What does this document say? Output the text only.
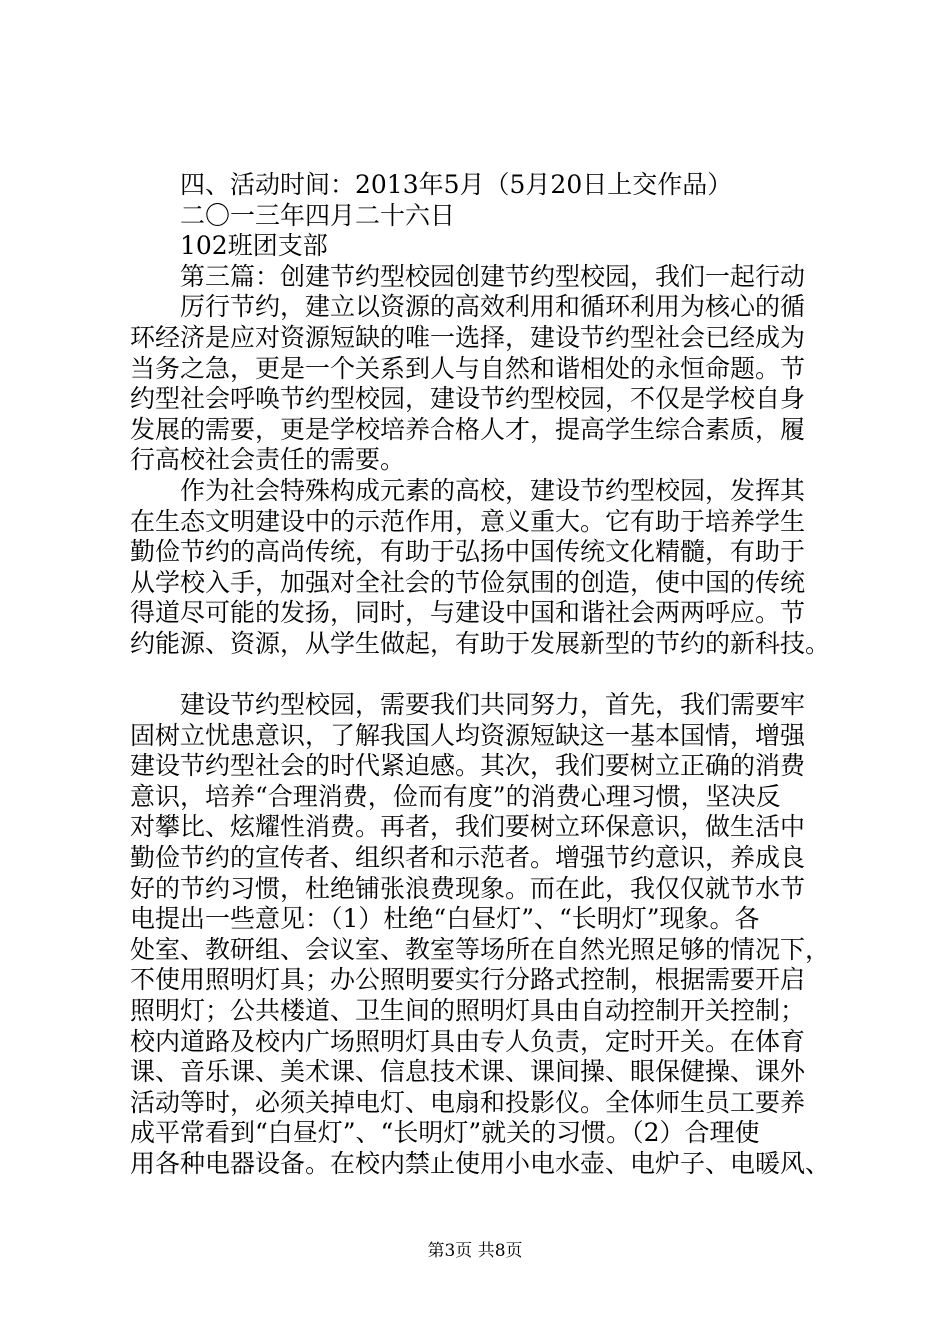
四、活动时间：2013年5月（5月20日上交作品）
二〇一三年四月二十六日
102班团支部
第三篇：创建节约型校园创建节约型校园，我们一起行动
厉行节约，建立以资源的高效利用和循环利用为核心的循
环经济是应对资源短缺的唯一选择，建设节约型社会已经成为
当务之急，更是一个关系到人与自然和谐相处的永恒命题。节
约型社会呼唤节约型校园，建设节约型校园，不仅是学校自身
发展的需要，更是学校培养合格人才，提高学生综合素质，履
行高校社会责任的需要。
作为社会特殊构成元素的高校，建设节约型校园，发挥其
在生态文明建设中的示范作用，意义重大。它有助于培养学生
勤俭节约的高尚传统，有助于弘扬中国传统文化精髓，有助于
从学校入手，加强对全社会的节俭氛围的创造，使中国的传统
得道尽可能的发扬，同时，与建设中国和谐社会两两呼应。节
约能源、资源，从学生做起，有助于发展新型的节约的新科技。
建设节约型校园，需要我们共同努力，首先，我们需要牢
固树立忧患意识，了解我国人均资源短缺这一基本国情，增强
建设节约型社会的时代紧迫感。其次，我们要树立正确的消费
意识，培养“合理消费，俭而有度”的消费心理习惯，坚决反
对攀比、炫耀性消费。再者，我们要树立环保意识，做生活中
勤俭节约的宣传者、组织者和示范者。增强节约意识，养成良
好的节约习惯，杜绝铺张浪费现象。而在此，我仅仅就节水节
电提出一些意见：（1）杜绝“白昼灯”、“长明灯”现象。各
处室、教研组、会议室、教室等场所在自然光照足够的情况下，
不使用照明灯具；办公照明要实行分路式控制，根据需要开启
照明灯；公共楼道、卫生间的照明灯具由自动控制开关控制；
校内道路及校内广场照明灯具由专人负责，定时开关。在体育
课、音乐课、美术课、信息技术课、课间操、眼保健操、课外
活动等时，必须关掉电灯、电扇和投影仪。全体师生员工要养
成平常看到“白昼灯”、“长明灯”就关的习惯。（2）合理使
用各种电器设备。在校内禁止使用小电水壶、电炉子、电暖风、
第3页 共8页
